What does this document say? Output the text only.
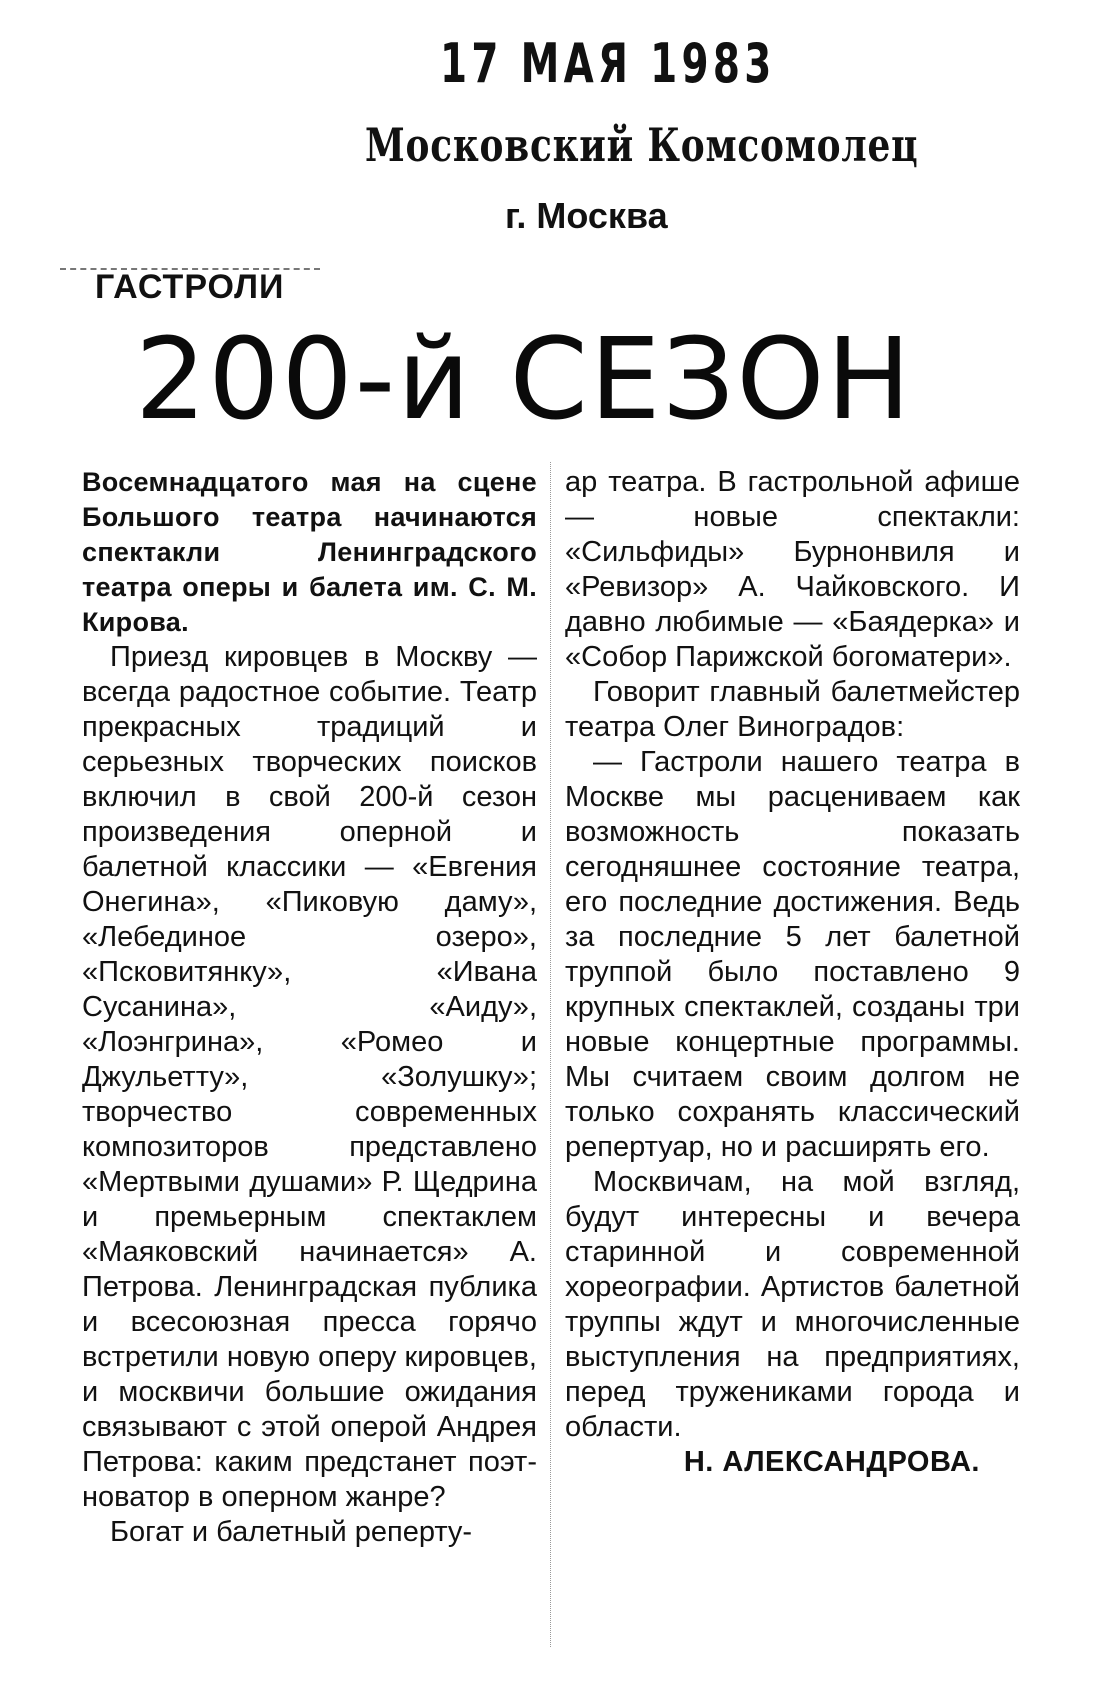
17 МАЯ 1983
Московский Комсомолец
г. Москва
ГАСТРОЛИ
200-й СЕЗОН

Восемнадцатого мая на сцене Большого театра начинаются спектакли Ленинградского театра оперы и балета им. С. М. Кирова.

Приезд кировцев в Москву — всегда радостное событие. Театр прекрасных традиций и серьезных творческих поисков включил в свой 200-й сезон произведения оперной и балетной классики — «Евгения Онегина», «Пиковую даму», «Лебединое озеро», «Псковитянку», «Ивана Сусанина», «Аиду», «Лоэнгрина», «Ромео и Джульетту», «Золушку»; творчество современных композиторов представлено «Мертвыми душами» Р. Щедрина и премьерным спектаклем «Маяковский начинается» А. Петрова. Ленинградская публика и всесоюзная пресса горячо встретили новую оперу кировцев, и москвичи большие ожидания связывают с этой оперой Андрея Петрова: каким предстанет поэт-новатор в оперном жанре?

Богат и балетный реперту-

ар театра. В гастрольной афише — новые спектакли: «Сильфиды» Бурнонвиля и «Ревизор» А. Чайковского. И давно любимые — «Баядерка» и «Собор Парижской богоматери».

Говорит главный балетмейстер театра Олег Виноградов:

— Гастроли нашего театра в Москве мы расцениваем как возможность показать сегодняшнее состояние театра, его последние достижения. Ведь за последние 5 лет балетной труппой было поставлено 9 крупных спектаклей, созданы три новые концертные программы. Мы считаем своим долгом не только сохранять классический репертуар, но и расширять его.

Москвичам, на мой взгляд, будут интересны и вечера старинной и современной хореографии. Артистов балетной труппы ждут и многочисленные выступления на предприятиях, перед тружениками города и области.

Н. АЛЕКСАНДРОВА.
